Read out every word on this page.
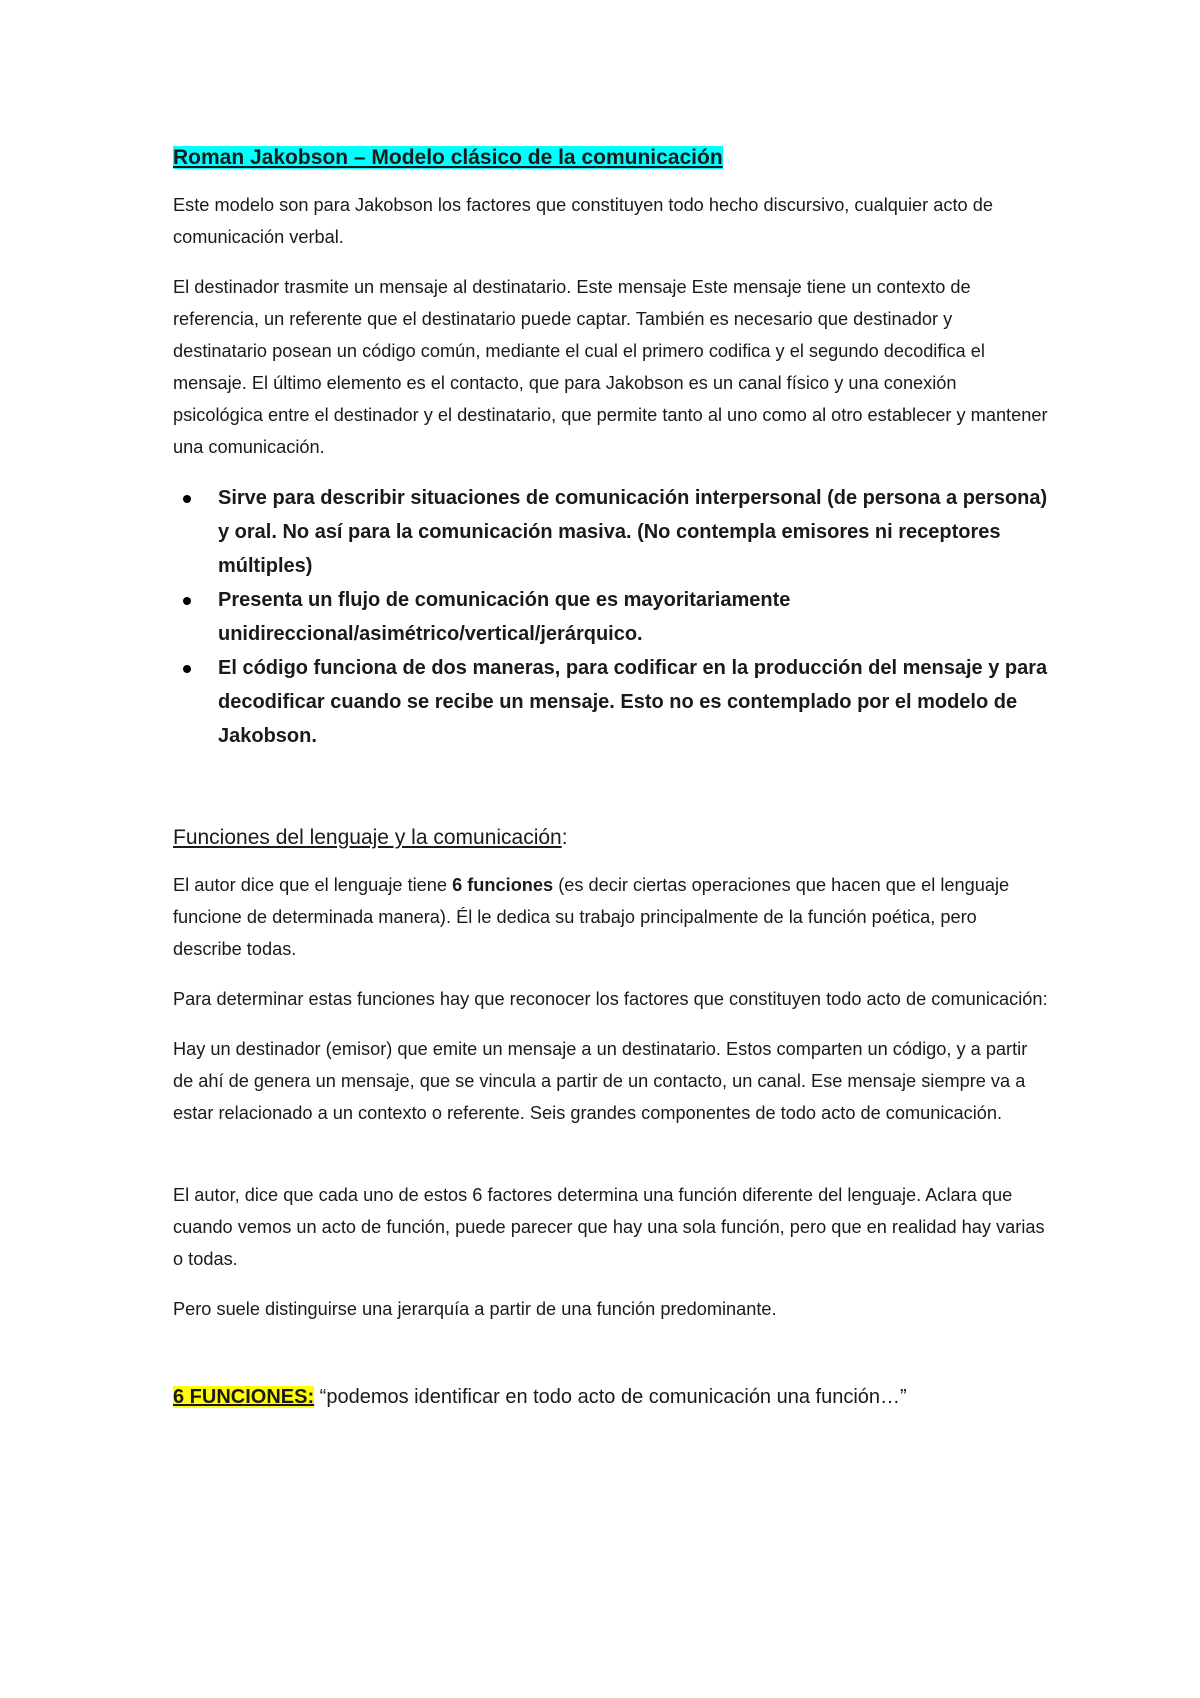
Roman Jakobson – Modelo clásico de la comunicación

Este modelo son para Jakobson los factores que constituyen todo hecho discursivo, cualquier acto de comunicación verbal.

El destinador trasmite un mensaje al destinatario. Este mensaje Este mensaje tiene un contexto de referencia, un referente que el destinatario puede captar. También es necesario que destinador y destinatario posean un código común, mediante el cual el primero codifica y el segundo decodifica el mensaje. El último elemento es el contacto, que para Jakobson es un canal físico y una conexión psicológica entre el destinador y el destinatario, que permite tanto al uno como al otro establecer y mantener una comunicación.

Sirve para describir situaciones de comunicación interpersonal (de persona a persona) y oral. No así para la comunicación masiva. (No contempla emisores ni receptores múltiples)
Presenta un flujo de comunicación que es mayoritariamente unidireccional/asimétrico/vertical/jerárquico.
El código funciona de dos maneras, para codificar en la producción del mensaje y para decodificar cuando se recibe un mensaje. Esto no es contemplado por el modelo de Jakobson.
Funciones del lenguaje y la comunicación:

El autor dice que el lenguaje tiene 6 funciones (es decir ciertas operaciones que hacen que el lenguaje funcione de determinada manera). Él le dedica su trabajo principalmente de la función poética, pero describe todas.

Para determinar estas funciones hay que reconocer los factores que constituyen todo acto de comunicación:

Hay un destinador (emisor) que emite un mensaje a un destinatario. Estos comparten un código, y a partir de ahí de genera un mensaje, que se vincula a partir de un contacto, un canal. Ese mensaje siempre va a estar relacionado a un contexto o referente. Seis grandes componentes de todo acto de comunicación.

El autor, dice que cada uno de estos 6 factores determina una función diferente del lenguaje. Aclara que cuando vemos un acto de función, puede parecer que hay una sola función, pero que en realidad hay varias o todas.

Pero suele distinguirse una jerarquía a partir de una función predominante.

6 FUNCIONES: “podemos identificar en todo acto de comunicación una función…”
